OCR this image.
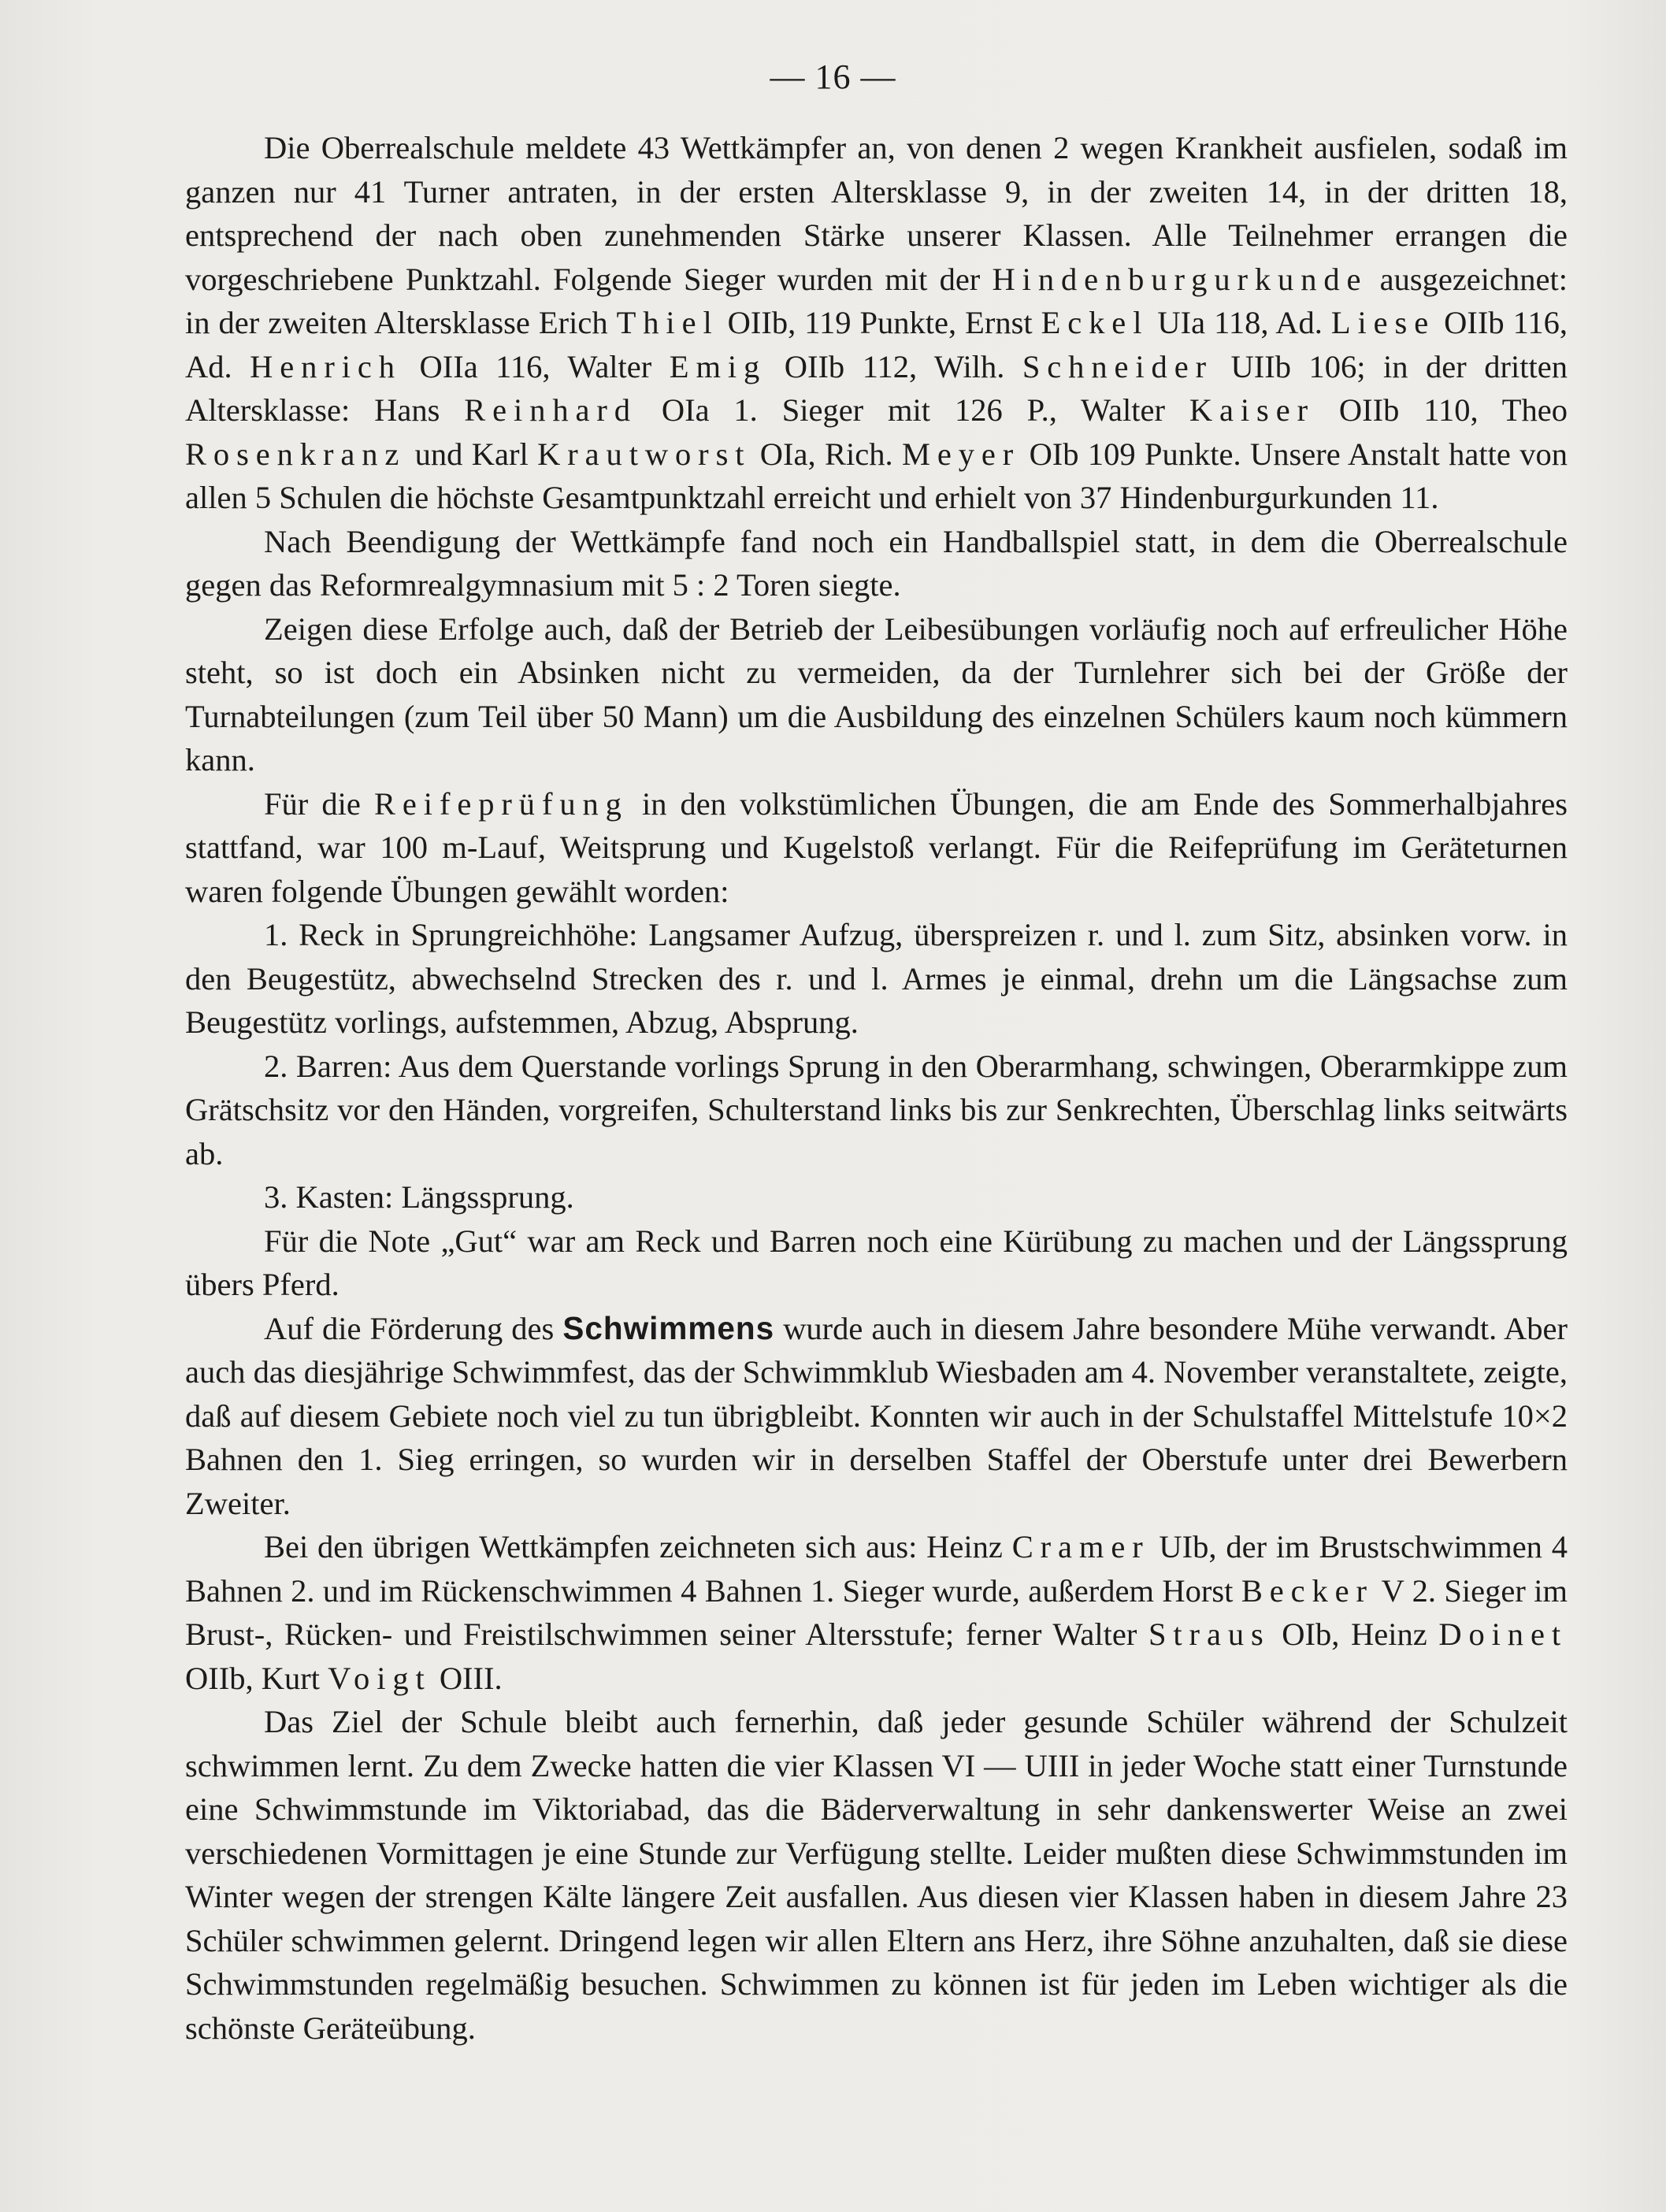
— 16 —

Die Oberrealschule meldete 43 Wettkämpfer an, von denen 2 wegen Krankheit ausfielen, sodaß im ganzen nur 41 Turner antraten, in der ersten Altersklasse 9, in der zweiten 14, in der dritten 18, entsprechend der nach oben zunehmenden Stärke unserer Klassen. Alle Teilnehmer errangen die vorgeschriebene Punktzahl. Folgende Sieger wurden mit der Hindenburgurkunde ausgezeichnet: in der zweiten Altersklasse Erich Thiel OIIb, 119 Punkte, Ernst Eckel UIa 118, Ad. Liese OIIb 116, Ad. Henrich OIIa 116, Walter Emig OIIb 112, Wilh. Schneider UIIb 106; in der dritten Altersklasse: Hans Reinhard OIa 1. Sieger mit 126 P., Walter Kaiser OIIb 110, Theo Rosenkranz und Karl Krautworst OIa, Rich. Meyer OIb 109 Punkte. Unsere Anstalt hatte von allen 5 Schulen die höchste Gesamtpunktzahl erreicht und erhielt von 37 Hindenburgurkunden 11.

Nach Beendigung der Wettkämpfe fand noch ein Handballspiel statt, in dem die Oberrealschule gegen das Reformrealgymnasium mit 5 : 2 Toren siegte.

Zeigen diese Erfolge auch, daß der Betrieb der Leibesübungen vorläufig noch auf erfreulicher Höhe steht, so ist doch ein Absinken nicht zu vermeiden, da der Turnlehrer sich bei der Größe der Turnabteilungen (zum Teil über 50 Mann) um die Ausbildung des einzelnen Schülers kaum noch kümmern kann.

Für die Reifeprüfung in den volkstümlichen Übungen, die am Ende des Sommerhalbjahres stattfand, war 100 m-Lauf, Weitsprung und Kugelstoß verlangt. Für die Reifeprüfung im Geräteturnen waren folgende Übungen gewählt worden:

1. Reck in Sprungreichhöhe: Langsamer Aufzug, überspreizen r. und l. zum Sitz, absinken vorw. in den Beugestütz, abwechselnd Strecken des r. und l. Armes je einmal, drehn um die Längsachse zum Beugestütz vorlings, aufstemmen, Abzug, Absprung.

2. Barren: Aus dem Querstande vorlings Sprung in den Oberarmhang, schwingen, Oberarmkippe zum Grätschsitz vor den Händen, vorgreifen, Schulterstand links bis zur Senkrechten, Überschlag links seitwärts ab.

3. Kasten: Längssprung.

Für die Note „Gut“ war am Reck und Barren noch eine Kürübung zu machen und der Längssprung übers Pferd.

Auf die Förderung des Schwimmens wurde auch in diesem Jahre besondere Mühe verwandt. Aber auch das diesjährige Schwimmfest, das der Schwimmklub Wiesbaden am 4. November veranstaltete, zeigte, daß auf diesem Gebiete noch viel zu tun übrigbleibt. Konnten wir auch in der Schulstaffel Mittelstufe 10×2 Bahnen den 1. Sieg erringen, so wurden wir in derselben Staffel der Oberstufe unter drei Bewerbern Zweiter.

Bei den übrigen Wettkämpfen zeichneten sich aus: Heinz Cramer UIb, der im Brustschwimmen 4 Bahnen 2. und im Rückenschwimmen 4 Bahnen 1. Sieger wurde, außerdem Horst Becker V 2. Sieger im Brust-, Rücken- und Freistilschwimmen seiner Altersstufe; ferner Walter Straus OIb, Heinz Doinet OIIb, Kurt Voigt OIII.

Das Ziel der Schule bleibt auch fernerhin, daß jeder gesunde Schüler während der Schulzeit schwimmen lernt. Zu dem Zwecke hatten die vier Klassen VI — UIII in jeder Woche statt einer Turnstunde eine Schwimmstunde im Viktoriabad, das die Bäderverwaltung in sehr dankenswerter Weise an zwei verschiedenen Vormittagen je eine Stunde zur Verfügung stellte. Leider mußten diese Schwimmstunden im Winter wegen der strengen Kälte längere Zeit ausfallen. Aus diesen vier Klassen haben in diesem Jahre 23 Schüler schwimmen gelernt. Dringend legen wir allen Eltern ans Herz, ihre Söhne anzuhalten, daß sie diese Schwimmstunden regelmäßig besuchen. Schwimmen zu können ist für jeden im Leben wichtiger als die schönste Geräteübung.
